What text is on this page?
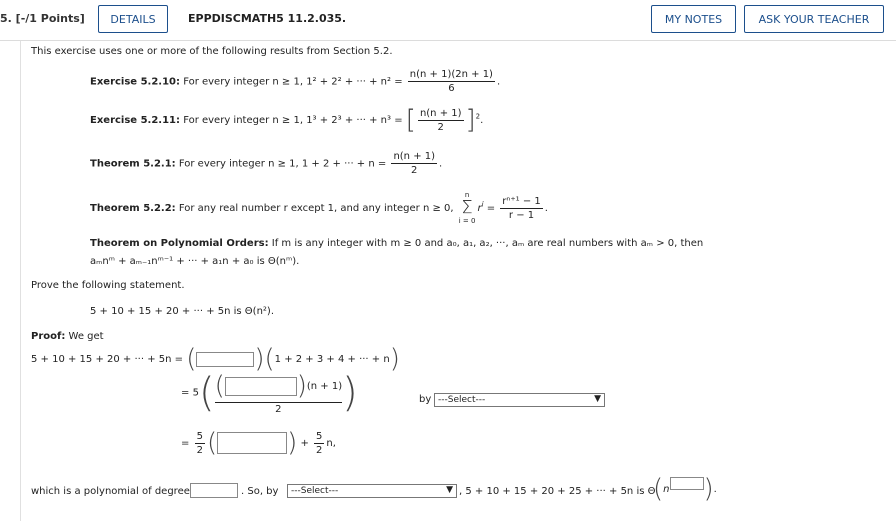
5. [-/1 Points]	DETAILS	EPPDISCMATH5 11.2.035.	MY NOTES	ASK YOUR TEACHER
This exercise uses one or more of the following results from Section 5.2.
Exercise 5.2.10: For every integer n ≥ 1, 1² + 2² + ··· + $n^2 = \frac{n(n + 1)(2n + 1)}{6}$ .
Exercise 5.2.11: For every integer n ≥ 1, 1³ + 2³ + ··· + n³ = [ $\frac{n(n + 1)}{2} ]^2$.
Theorem 5.2.1: For every integer n ≥ 1, 1 + 2 + ··· + $n = \frac{n(n + 1)}{2}$ .
Theorem 5.2.2: For any real number r except 1, and any integer n ≥ 0,
n
Σ
i = 0
$r^i = \frac{\text{rⁿ⁺¹ − 1}}{r - 1}$ .
Theorem on Polynomial Orders: If m is any integer with m ≥ 0 and a₀, a₁, a₂, ···, aₘ are real numbers with aₘ > 0, then
aₘnᵐ + aₘ₋₁nᵐ⁻¹ + ··· + a₁n + a₀ is Θ(nᵐ).
Prove the following statement.
5 + 10 + 15 + 20 + ··· + 5n is Θ(n²).
Proof: We get
5 + 10 + 15 + 20 + ··· + 5n = ( )(1 + 2 + 3 + 4 + ··· + n)
= 5( (	)(n + 1)
2 )	by ---Select---	▼
= $\frac{5}{2}$ (	) + $\frac{5}{2} n$,
which is a polynomial of degree	. So, by	---Select---	▼ , 5 + 10 + 15 + 20 + 25 + ··· + 5n is Θ
(n ).
